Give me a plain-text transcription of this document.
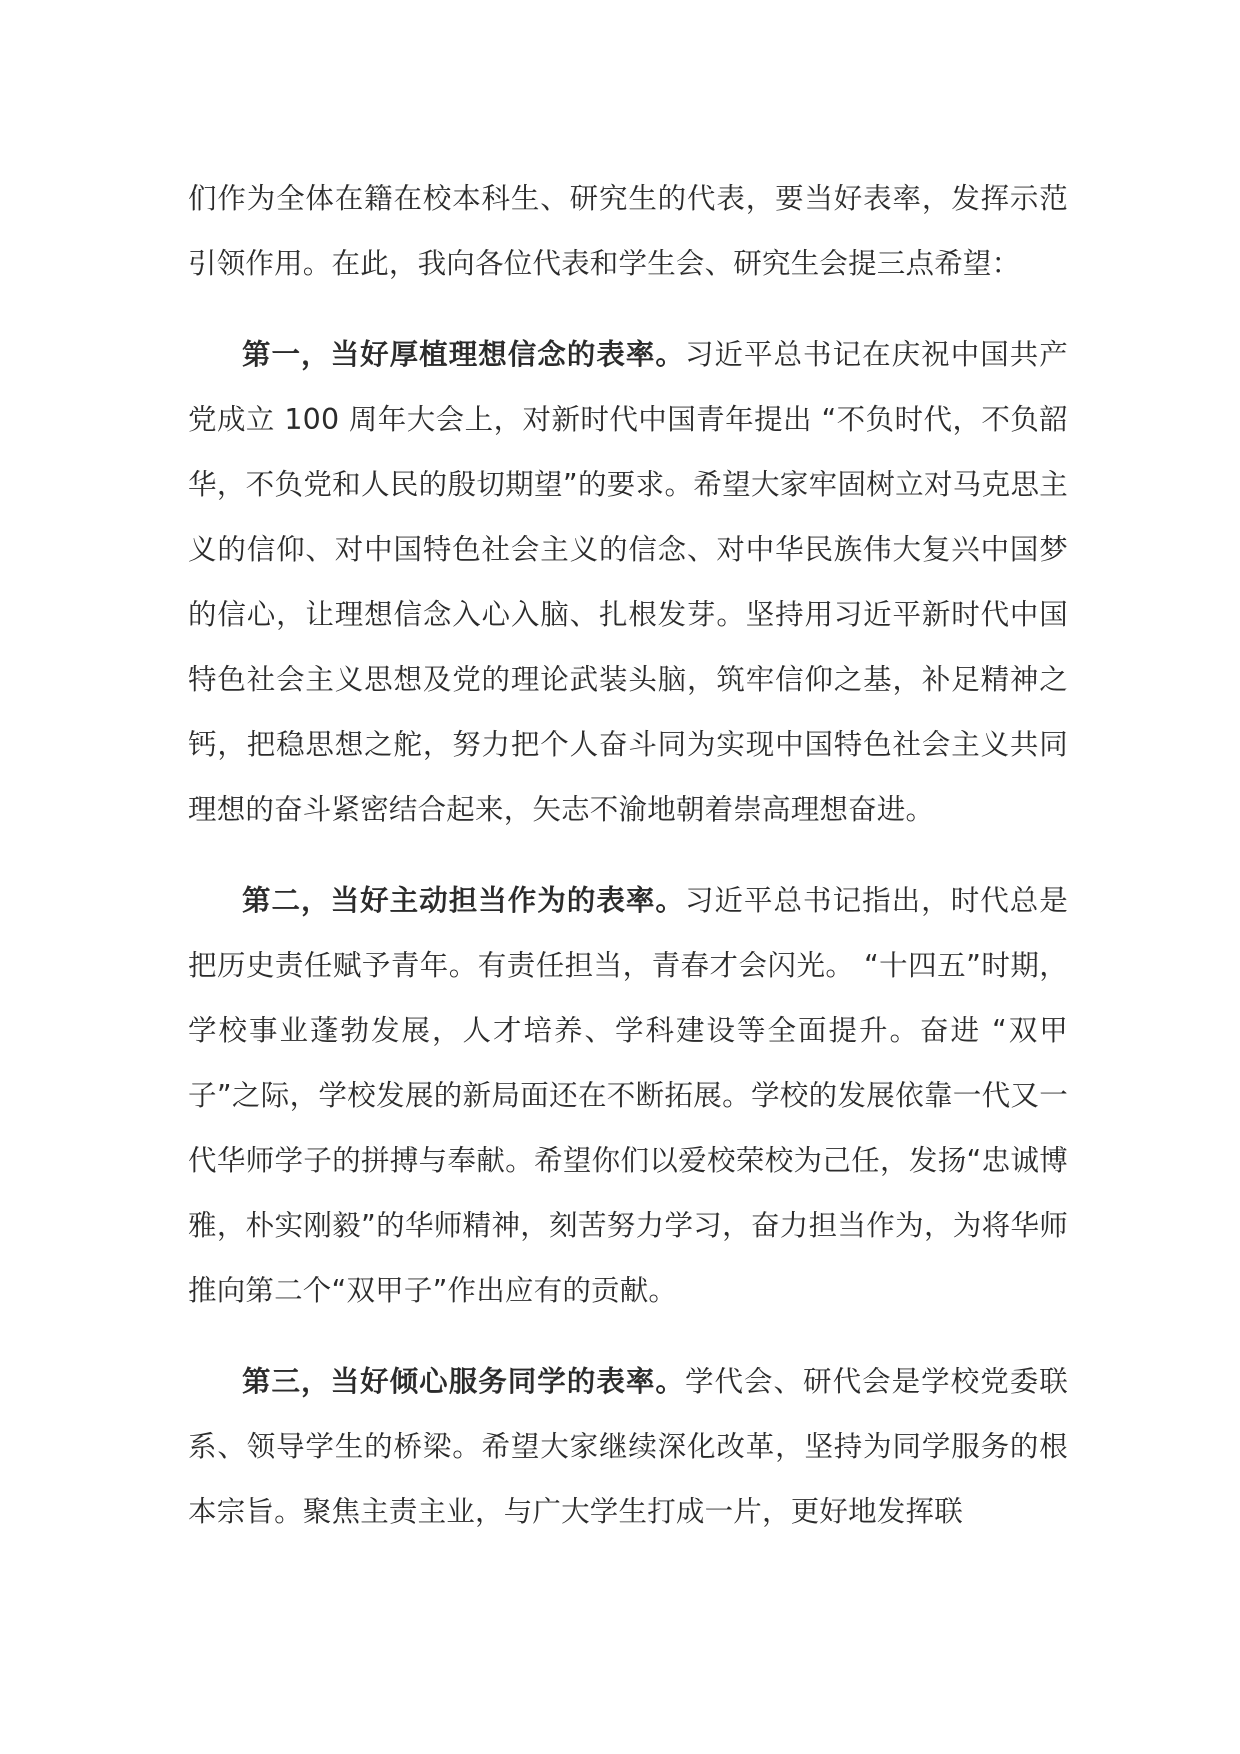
们作为全体在籍在校本科生、研究生的代表，要当好表率，发挥示范引领作用。在此，我向各位代表和学生会、研究生会提三点希望：

第一，当好厚植理想信念的表率。习近平总书记在庆祝中国共产党成立 100 周年大会上，对新时代中国青年提出 “不负时代，不负韶华，不负党和人民的殷切期望”的要求。希望大家牢固树立对马克思主义的信仰、对中国特色社会主义的信念、对中华民族伟大复兴中国梦的信心，让理想信念入心入脑、扎根发芽。坚持用习近平新时代中国特色社会主义思想及党的理论武装头脑，筑牢信仰之基，补足精神之钙，把稳思想之舵，努力把个人奋斗同为实现中国特色社会主义共同理想的奋斗紧密结合起来，矢志不渝地朝着崇高理想奋进。

第二，当好主动担当作为的表率。习近平总书记指出，时代总是把历史责任赋予青年。有责任担当，青春才会闪光。 “十四五”时期，学校事业蓬勃发展，人才培养、学科建设等全面提升。奋进 “双甲子”之际，学校发展的新局面还在不断拓展。学校的发展依靠一代又一代华师学子的拼搏与奉献。希望你们以爱校荣校为己任，发扬“忠诚博雅，朴实刚毅”的华师精神，刻苦努力学习，奋力担当作为，为将华师推向第二个“双甲子”作出应有的贡献。

第三，当好倾心服务同学的表率。学代会、研代会是学校党委联系、领导学生的桥梁。希望大家继续深化改革，坚持为同学服务的根本宗旨。聚焦主责主业，与广大学生打成一片，更好地发挥联
